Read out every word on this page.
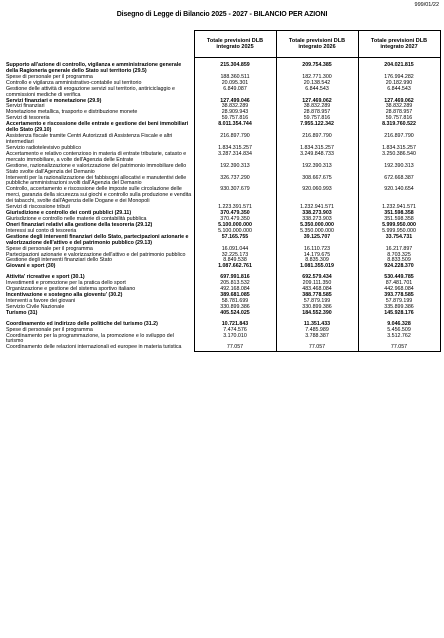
999/01/22
Disegno di Legge di Bilancio 2025 - 2027 - BILANCIO PER AZIONI
	Totale previsioni DLB integrato 2025	Totale previsioni DLB integrato 2026	Totale previsioni DLB integrato 2027

Supporto all'azione di controllo, vigilanza e amministrazione generale della Ragioneria generale dello Stato sul territorio (29.5)	215.304.859	209.754.385	204.021.815
Spese di personale per il programma	188.360.511	182.771.300	176.994.282
Controllo e vigilanza amministrativo-contabile sul territorio	20.095.301	20.138.542	20.182.990
Gestione delle attività di erogazione servizi sul territorio, antiriciclaggio e commissioni mediche di verifica	6.849.087	6.844.543	6.844.543
Servizi finanziari e monetazione (29.9)	127.499.046	127.469.062	127.469.062
Servizi finanziari	38.832.289	38.832.289	38.832.289
Monetazione metallica, trasporto e distribuzione monete	28.909.943	28.878.957	28.878.957
Servizi di tesoreria	59.757.816	59.757.816	59.757.816
Accertamento e riscossione delle entrate e gestione dei beni immobiliari dello Stato (29.10)	8.011.354.744	7.955.122.342	8.319.760.522
Assistenza fiscale tramite Centri Autorizzati di Assistenza Fiscale e altri intermediari	216.897.790	216.897.790	216.897.790
Servizio radiotelevisivo pubblico	1.834.315.257	1.834.315.257	1.834.315.257
Accertamento e relativo contenzioso in materia di entrate tributarie, catasto e mercato immobiliare, a volte dell'Agenzia delle Entrate	3.287.314.834	3.249.848.733	3.250.386.540
Gestione, razionalizzazione e valorizzazione del patrimonio immobiliare dello Stato svolte dall'Agenzia del Demanio	192.390.313	192.390.313	192.390.313
Interventi per la razionalizzazione dei fabbisogni allocativi e manutentivi delle pubbliche amministrazioni svolti dall'Agenzia del Demanio	326.737.290	308.667.675	672.668.387
Controllo, accertamento e riscossione delle imposte sulle circolazione delle merci, garanzia della sicurezza sui giochi e controllo sulla produzione e vendita dei tabacchi, svolte dall'Agenzia delle Dogane e dei Monopoli	930.307.679	920.060.993	920.140.654
Servizi di riscossione tributi	1.223.391.571	1.232.941.571	1.232.941.571
Giurisdizione e controllo dei conti pubblici (29.11)	370.479.350	338.273.903	351.598.358
Giurisdizione e controllo nelle materie di contabilità pubblica	370.479.350	338.273.903	351.598.358
Oneri finanziari relativi alla gestione della tesoreria (29.12)	5.100.000.000	5.350.000.000	5.999.950.000
Interessi sul conto di tesoreria	5.100.000.000	5.350.000.000	5.999.950.000
Gestione degli interventi finanziari dello Stato, partecipazioni azionarie e valorizzazione dell'attivo e del patrimonio pubblico (29.13)	57.165.755	39.125.707	33.754.731
Spese di personale per il programma	16.091.044	16.110.723	16.217.897
Partecipazioni azionarie e valorizzazione dell'attivo e del patrimonio pubblico	32.225.173	14.179.675	8.703.325
Gestione degli interventi finanziari dello Stato	8.849.538	8.835.309	8.833.509
Giovani e sport (30)	1.087.662.761	1.081.355.019	924.228.370

Attivita' ricreative e sport (30.1)	697.991.816	692.579.434	530.449.785
Investimenti e promozione per la pratica dello sport	205.813.532	209.111.350	87.481.701
Organizzazione e gestione del sistema sportivo italiano	492.168.084	483.468.084	442.968.084
Incentivazione e sostegno alla gioventu' (30.2)	389.681.085	388.778.585	393.778.585
Interventi a favore dei giovani	58.781.699	57.879.199	57.879.199
Servizio Civile Nazionale	330.899.386	330.899.386	335.899.386
Turismo (31)	405.524.025	184.552.390	145.928.176

Coordinamento ed indirizzo delle politiche del turismo (31.2)	10.721.843	11.351.433	9.046.328
Spese di personale per il programma	7.474.576	7.485.989	5.456.509
Coordinamento per la programmazione, la promozione e lo sviluppo del turismo	3.170.010	3.788.387	3.512.762
Coordinamento delle relazioni internazionali ed europee in materia turistica	77.057	77.057	77.057
